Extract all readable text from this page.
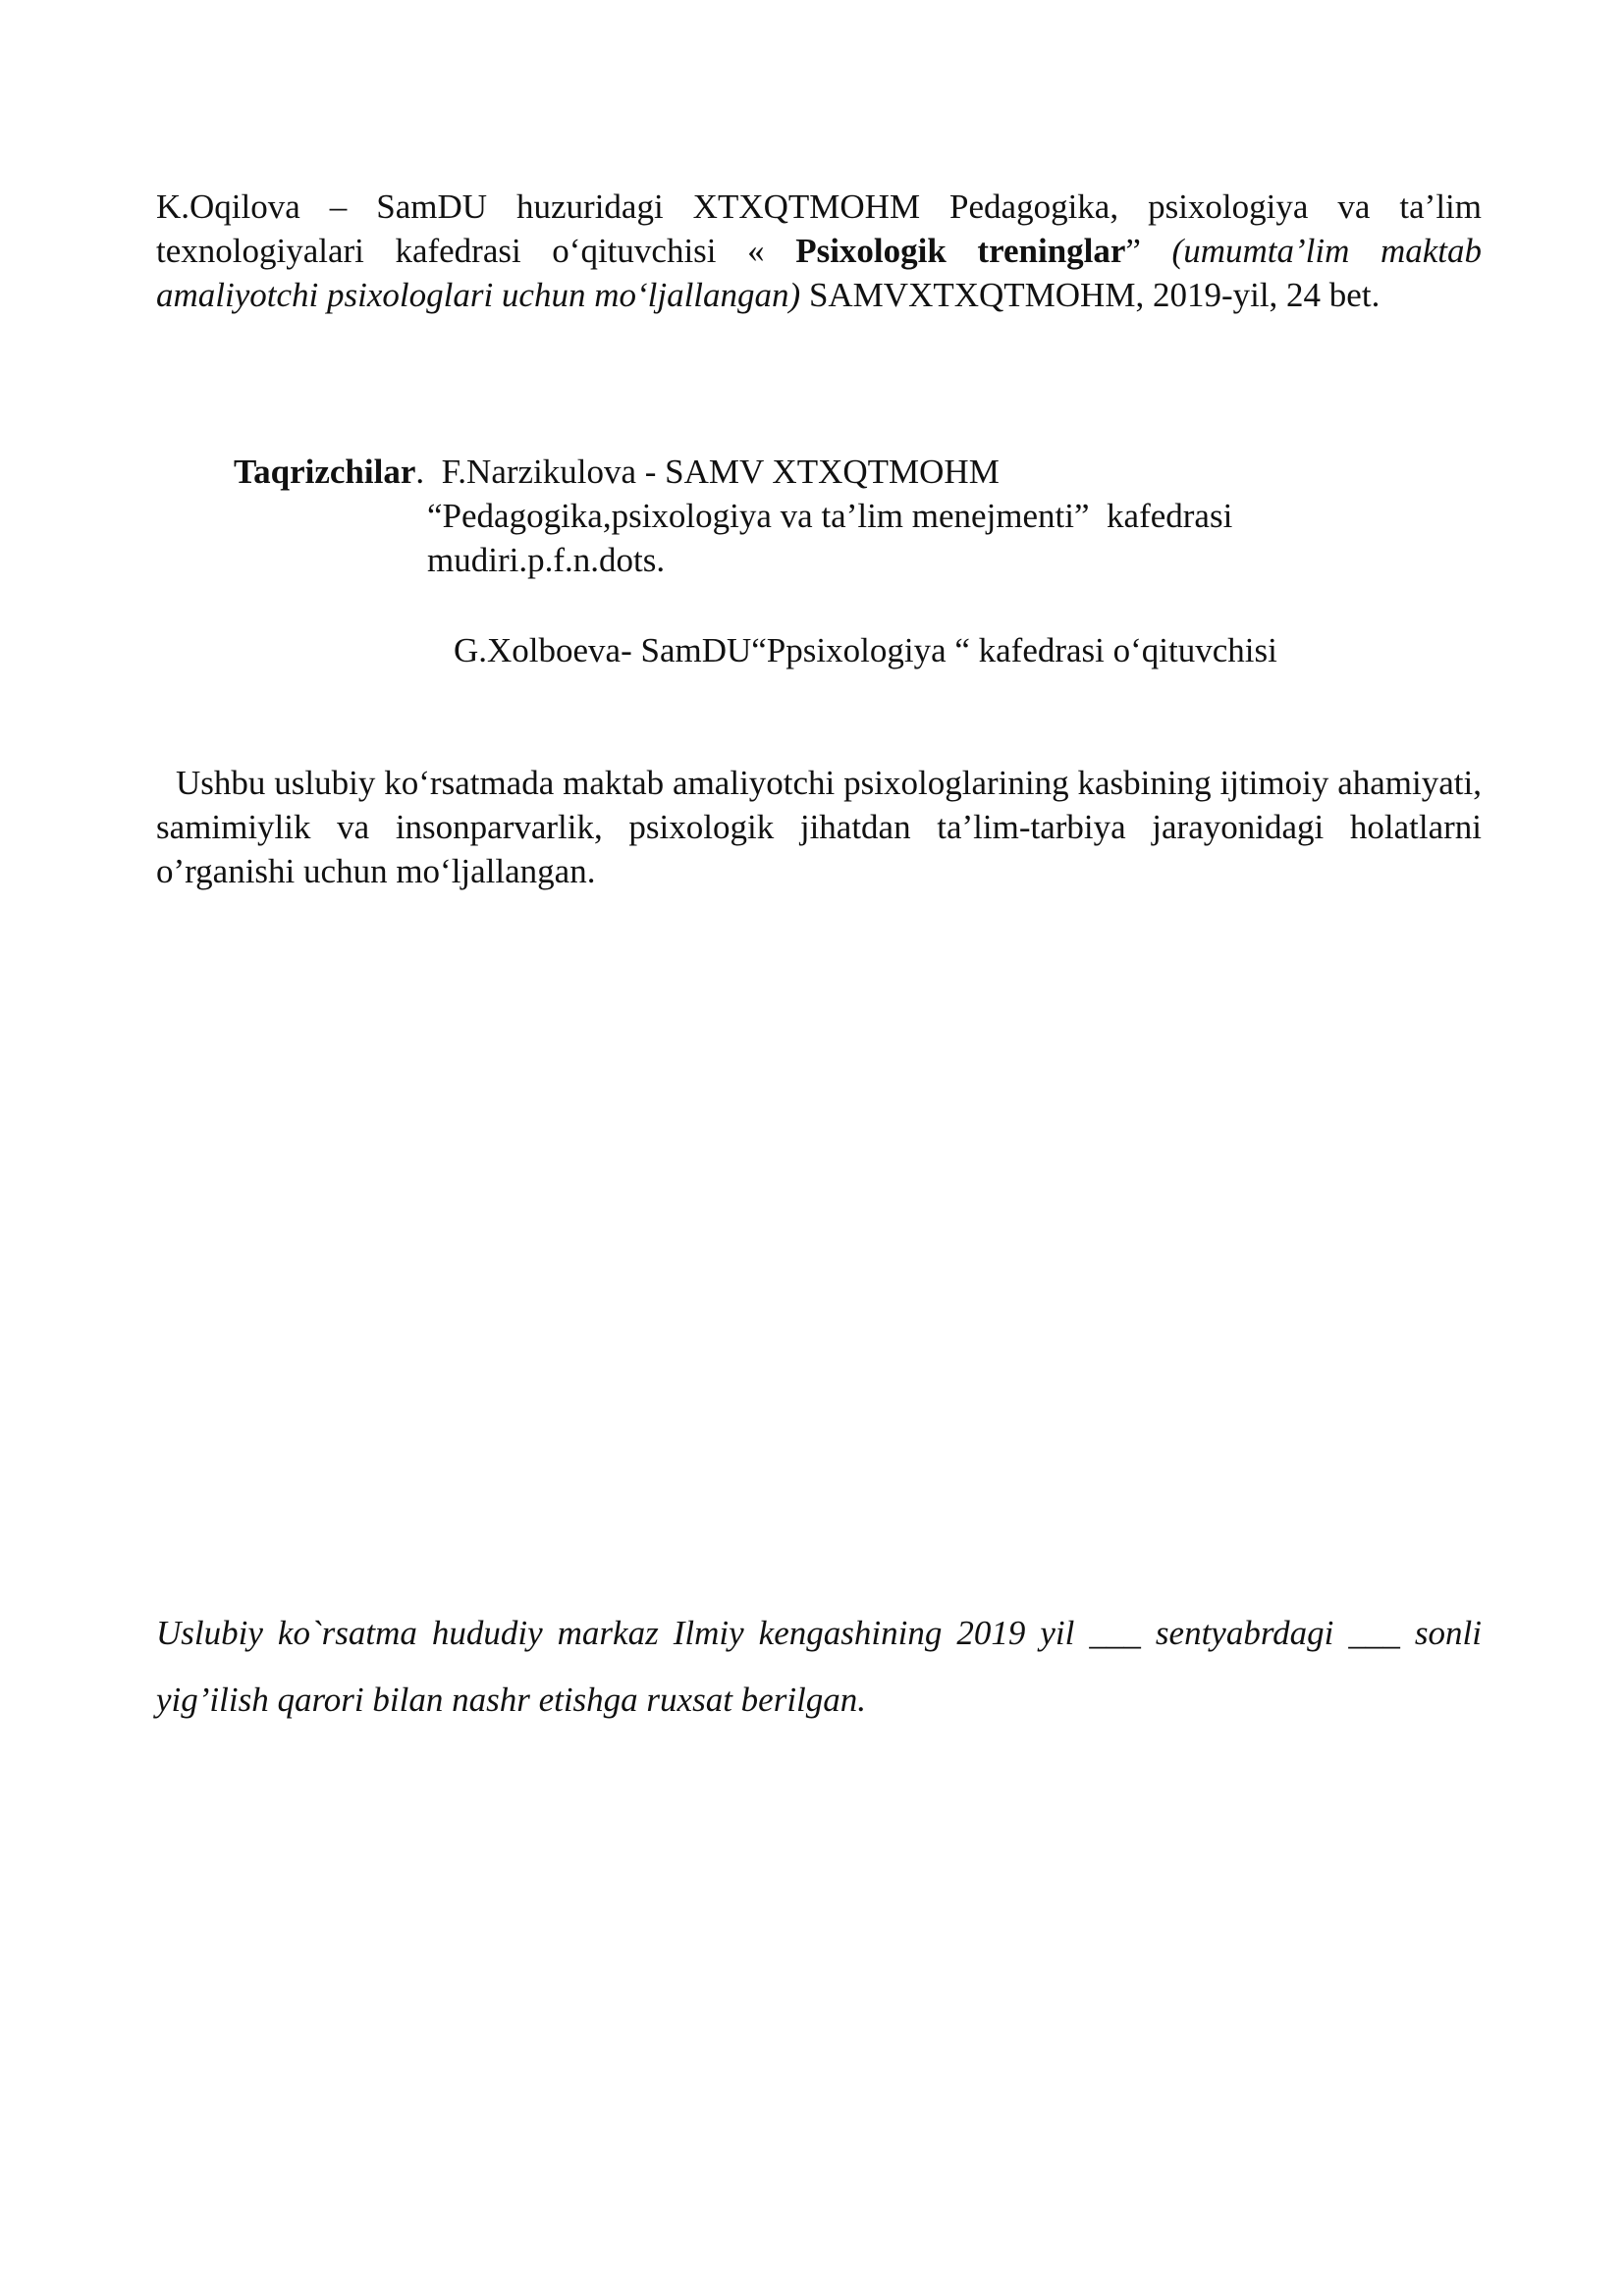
K.Oqilova – SamDU huzuridagi XTXQTMOHM Pedagogika, psixologiya va ta’lim texnologiyalari kafedrasi o‘qituvchisi « Psixologik treninglar” (umumta’lim maktab amaliyotchi psixologlari uchun mo‘ljallangan) SAMVXTXQTMOHM, 2019-yil, 24 bet.

Taqrizchilar.  F.Narzikulova - SAMV XTXQTMOHM
“Pedagogika,psixologiya va ta’lim menejmenti”  kafedrasi
mudiri.p.f.n.dots.
G.Xolboeva- SamDU“Ppsixologiya “ kafedrasi o‘qituvchisi

Ushbu uslubiy ko‘rsatmada maktab amaliyotchi psixologlarining kasbining ijtimoiy ahamiyati, samimiylik va insonparvarlik, psixologik jihatdan ta’lim-tarbiya jarayonidagi holatlarni o’rganishi uchun mo‘ljallangan.

Uslubiy ko`rsatma hududiy markaz Ilmiy kengashining 2019 yil ___ sentyabrdagi ___ sonli yig’ilish qarori bilan nashr etishga ruxsat berilgan.
